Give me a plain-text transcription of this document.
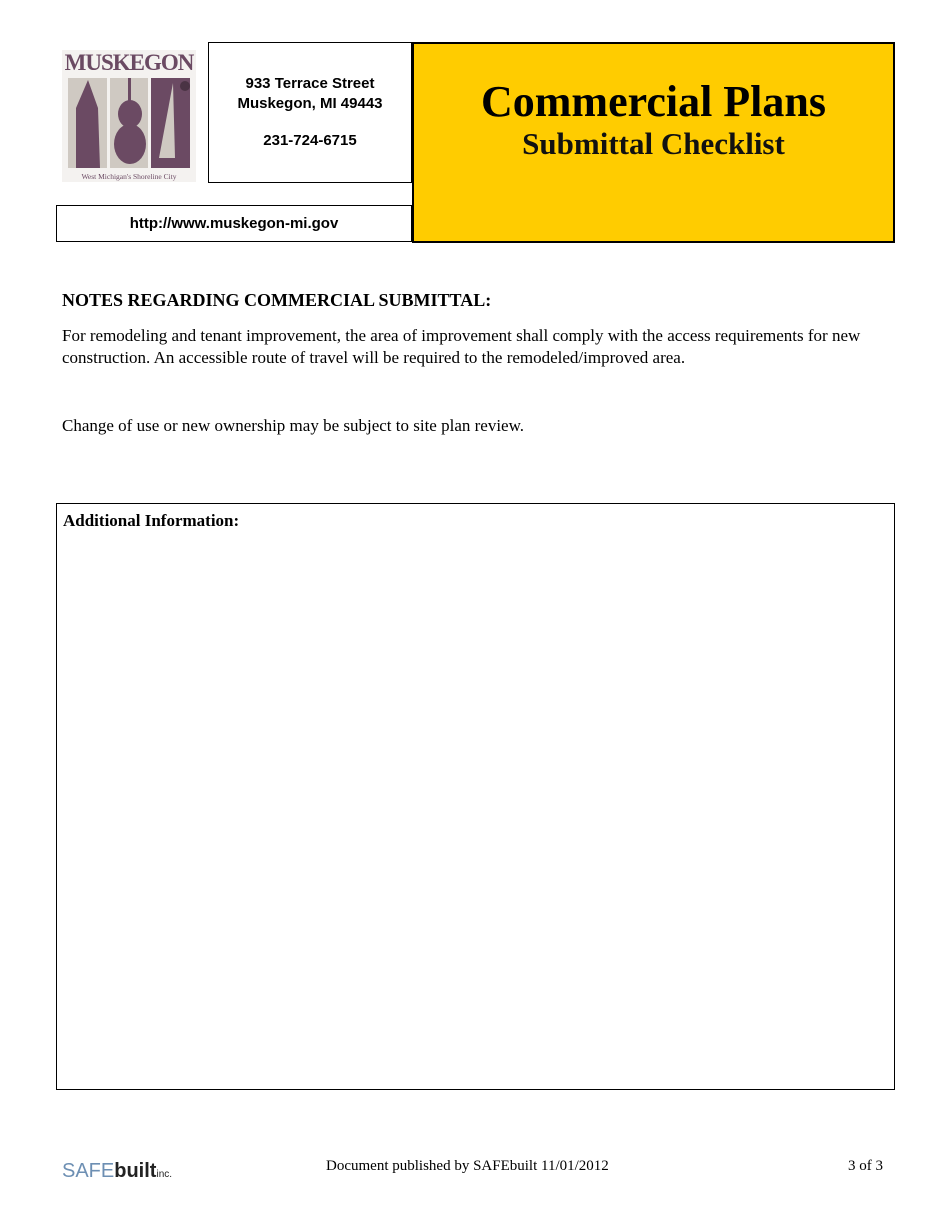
MUSKEGON
West Michigan's Shoreline City
933 Terrace Street
Muskegon, MI 49443
231-724-6715
Commercial Plans
Submittal Checklist
http://www.muskegon-mi.gov
NOTES REGARDING COMMERCIAL SUBMITTAL:
For remodeling and tenant improvement, the area of improvement shall comply with the access requirements for new construction. An accessible route of travel will be required to the remodeled/improved area.
Change of use or new ownership may be subject to site plan review.
Additional Information:
SAFEbuiltinc.
Document published by SAFEbuilt 11/01/2012	3 of 3
